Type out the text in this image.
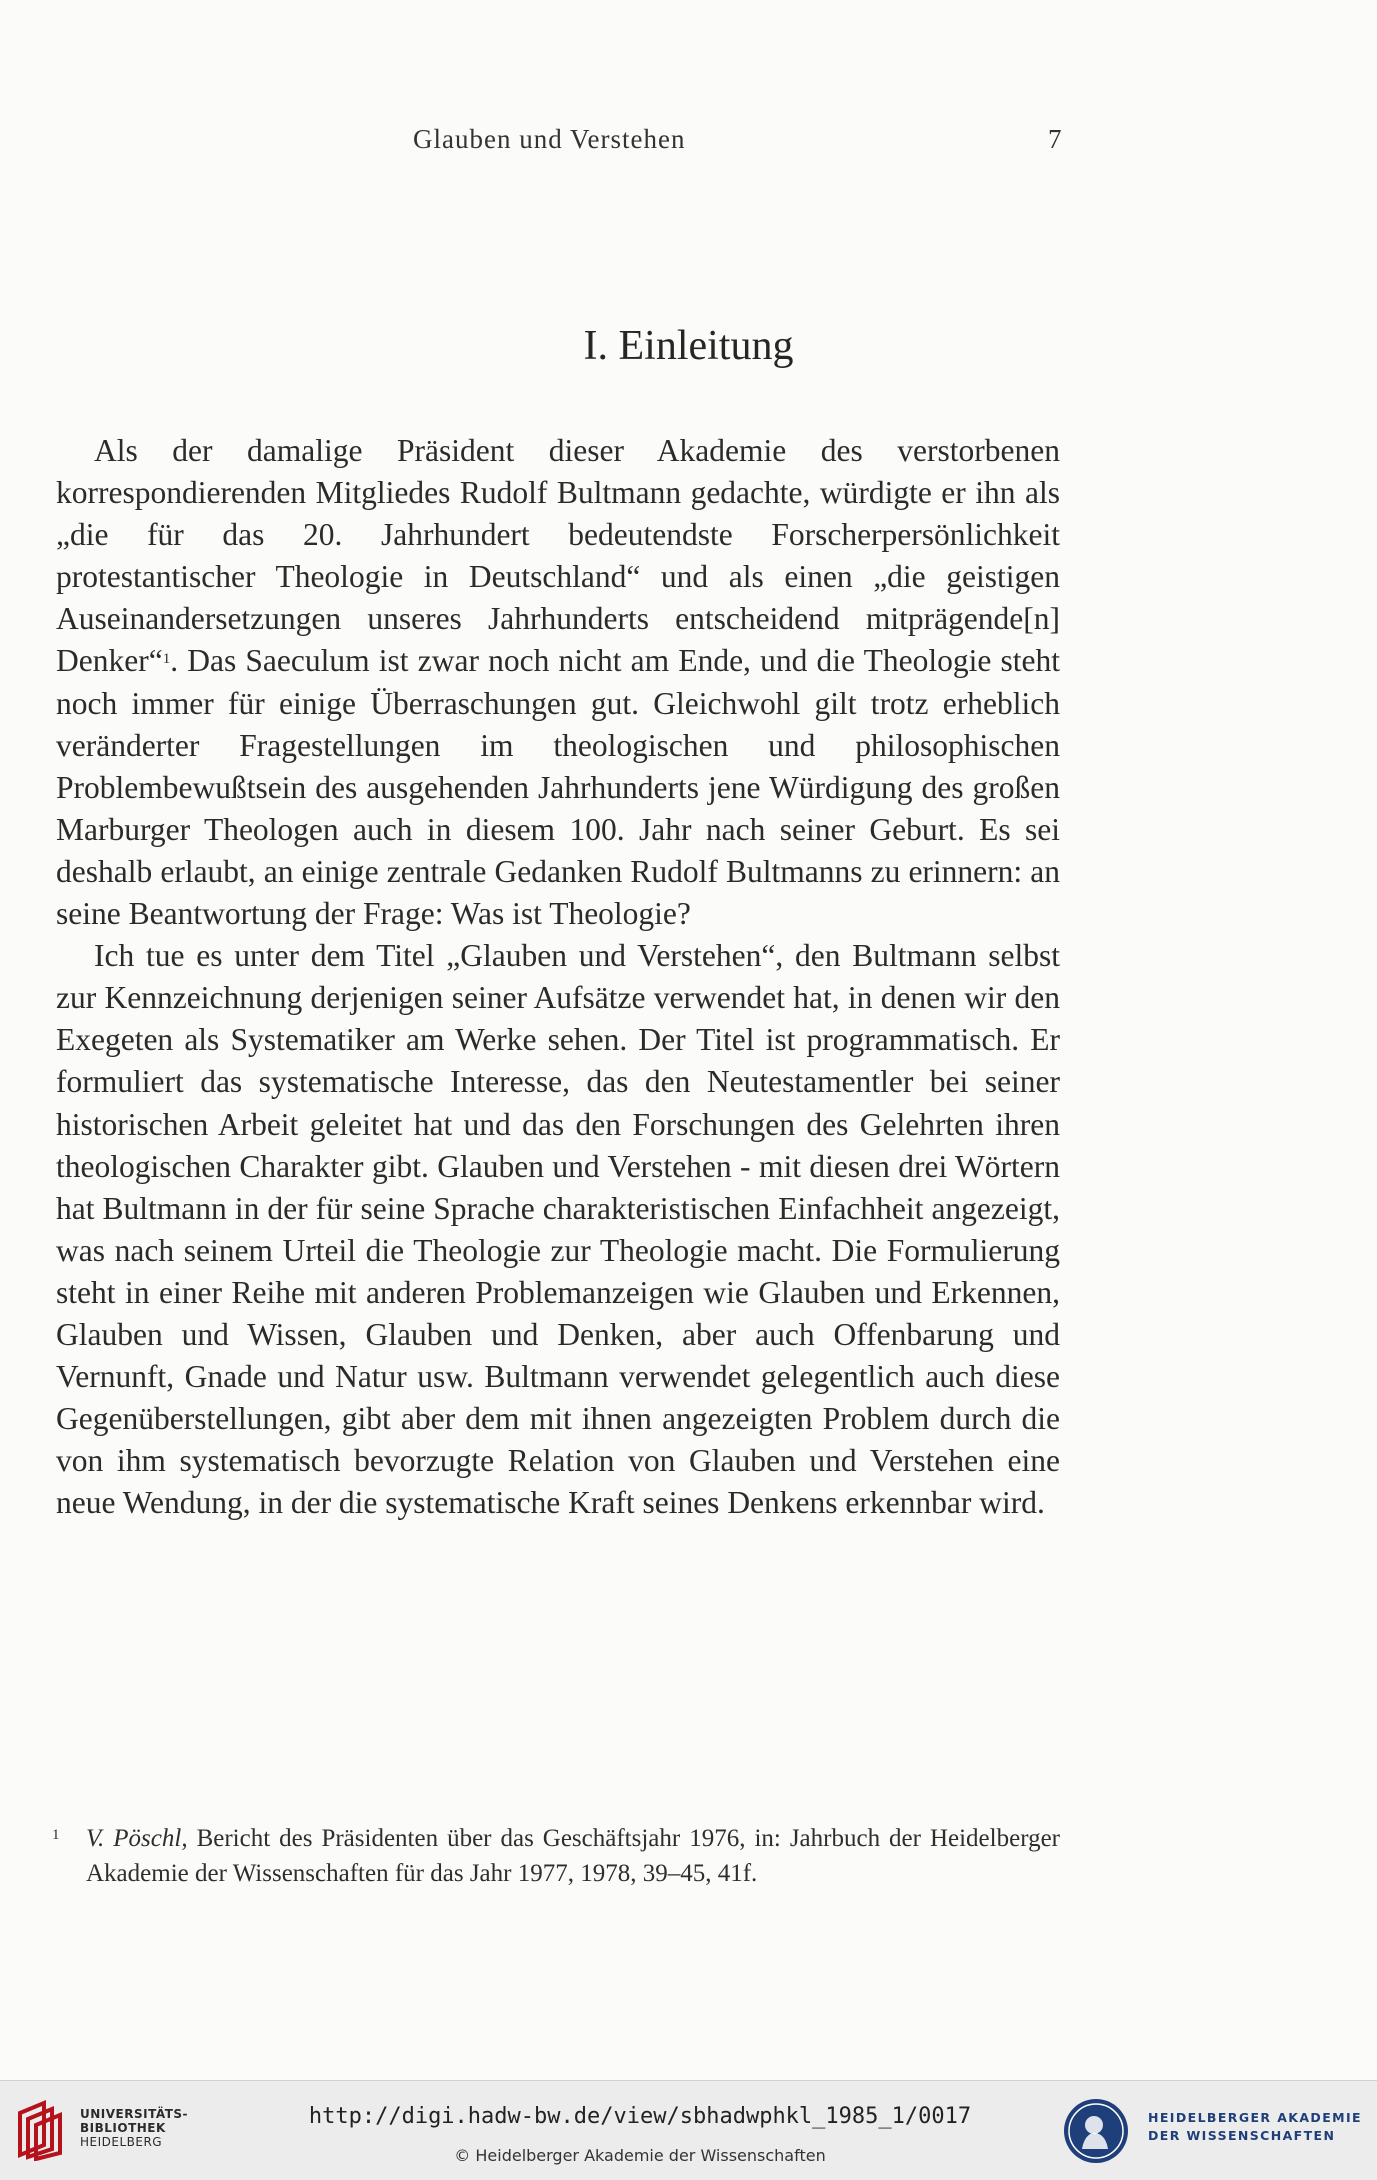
Glauben und Verstehen	7
I. Einleitung

Als der damalige Präsident dieser Akademie des verstorbenen korrespondierenden Mitgliedes Rudolf Bultmann gedachte, würdigte er ihn als „die für das 20. Jahrhundert bedeutendste Forscherpersönlichkeit protestantischer Theologie in Deutschland“ und als einen „die geistigen Auseinandersetzungen unseres Jahrhunderts entscheidend mitprägende[n] Denker“$^1$. Das Saeculum ist zwar noch nicht am Ende, und die Theologie steht noch immer für einige Überraschungen gut. Gleichwohl gilt trotz erheblich veränderter Fragestellungen im theologischen und philosophischen Problembewußtsein des ausgehenden Jahrhunderts jene Würdigung des großen Marburger Theologen auch in diesem 100. Jahr nach seiner Geburt. Es sei deshalb erlaubt, an einige zentrale Gedanken Rudolf Bultmanns zu erinnern: an seine Beantwortung der Frage: Was ist Theologie?

Ich tue es unter dem Titel „Glauben und Verstehen“, den Bultmann selbst zur Kennzeichnung derjenigen seiner Aufsätze verwendet hat, in denen wir den Exegeten als Systematiker am Werke sehen. Der Titel ist programmatisch. Er formuliert das systematische Interesse, das den Neutestamentler bei seiner historischen Arbeit geleitet hat und das den Forschungen des Gelehrten ihren theologischen Charakter gibt. Glauben und Verstehen - mit diesen drei Wörtern hat Bultmann in der für seine Sprache charakteristischen Einfachheit angezeigt, was nach seinem Urteil die Theologie zur Theologie macht. Die Formulierung steht in einer Reihe mit anderen Problemanzeigen wie Glauben und Erkennen, Glauben und Wissen, Glauben und Denken, aber auch Offenbarung und Vernunft, Gnade und Natur usw. Bultmann verwendet gelegentlich auch diese Gegenüberstellungen, gibt aber dem mit ihnen angezeigten Problem durch die von ihm systematisch bevorzugte Relation von Glauben und Verstehen eine neue Wendung, in der die systematische Kraft seines Denkens erkennbar wird.

1 V. Pöschl, Bericht des Präsidenten über das Geschäftsjahr 1976, in: Jahrbuch der Heidelberger Akademie der Wissenschaften für das Jahr 1977, 1978, 39–45, 41f.
UNIVERSITÄTS-
BIBLIOTHEK
HEIDELBERG
http://digi.hadw-bw.de/view/sbhadwphkl_1985_1/0017
© Heidelberger Akademie der Wissenschaften
HEIDELBERGER AKADEMIE
DER WISSENSCHAFTEN
